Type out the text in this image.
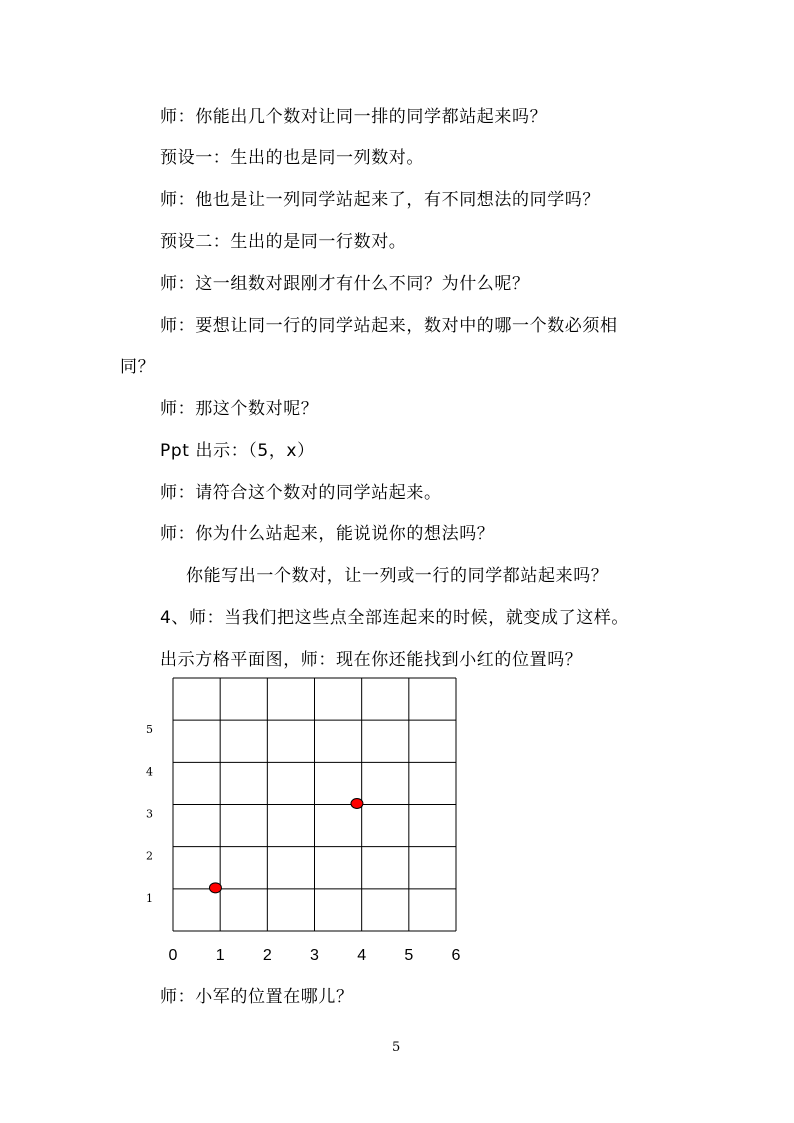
师：你能出几个数对让同一排的同学都站起来吗？
预设一：生出的也是同一列数对。
师：他也是让一列同学站起来了，有不同想法的同学吗？
预设二：生出的是同一行数对。
师：这一组数对跟刚才有什么不同？为什么呢？
师：要想让同一行的同学站起来，数对中的哪一个数必须相
同？
师：那这个数对呢？
Ppt 出示：（5，x）
师：请符合这个数对的同学站起来。
师：你为什么站起来，能说说你的想法吗？
你能写出一个数对，让一列或一行的同学都站起来吗？
4、师：当我们把这些点全部连起来的时候，就变成了这样。
出示方格平面图，师：现在你还能找到小红的位置吗？
1
2
3
4
5
0 1 2 3 4 5 6
师：小军的位置在哪儿？
5
